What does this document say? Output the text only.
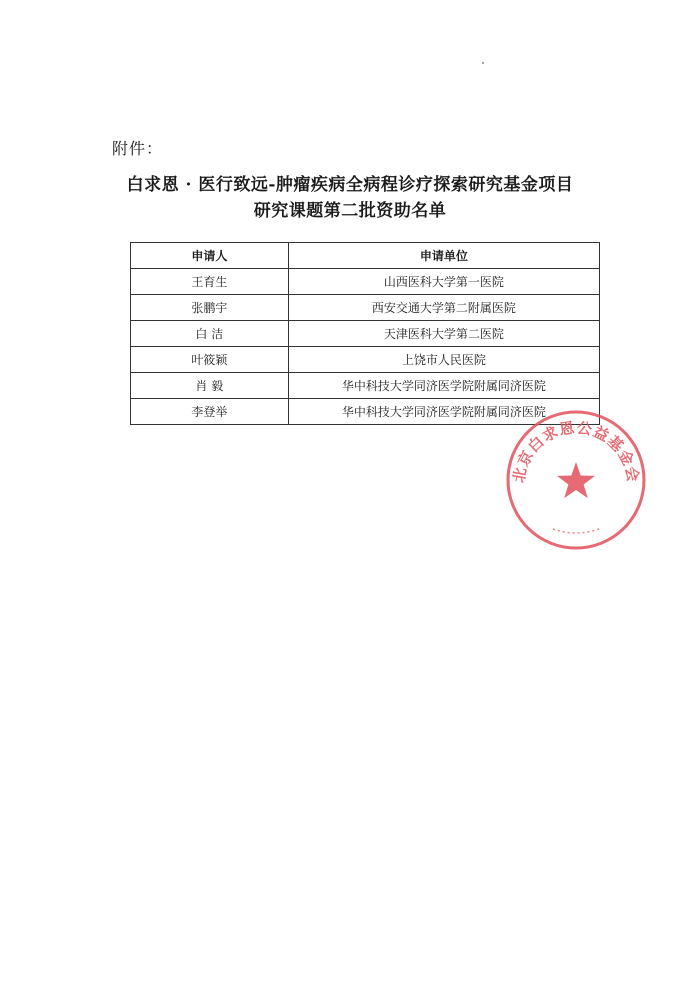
附件：
白求恩 · 医行致远-肿瘤疾病全病程诊疗探索研究基金项目
研究课题第二批资助名单
申请人	申请单位
王育生	山西医科大学第一医院
张鹏宇	西安交通大学第二附属医院
白 洁	天津医科大学第二医院
叶筱颖	上饶市人民医院
肖 毅	华中科技大学同济医学院附属同济医院
李登举	华中科技大学同济医学院附属同济医院
北京白求恩公益基金会
